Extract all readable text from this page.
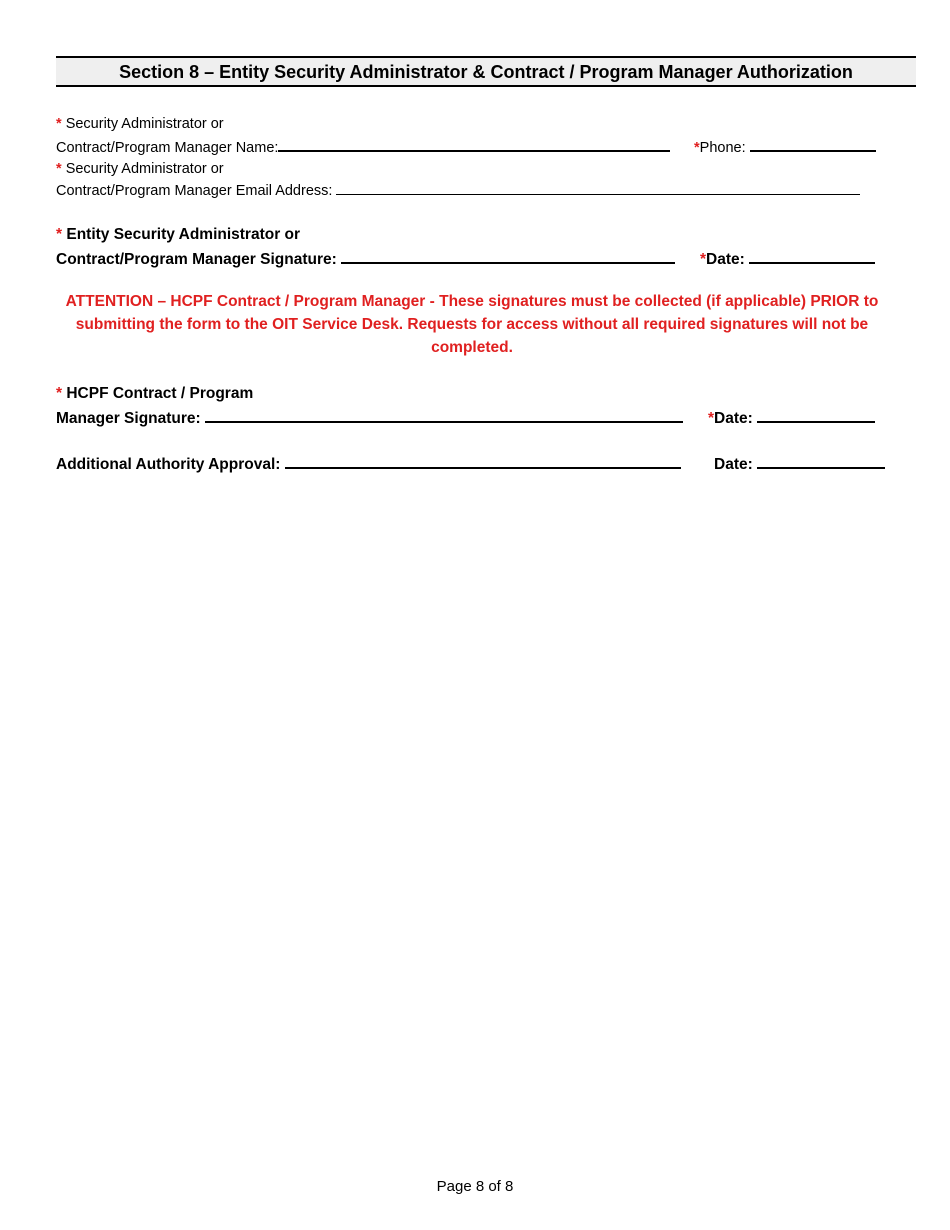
Section 8 – Entity Security Administrator & Contract / Program Manager Authorization
* Security Administrator or
Contract/Program Manager Name:	*Phone:
* Security Administrator or
Contract/Program Manager Email Address:
* Entity Security Administrator or
Contract/Program Manager Signature:	*Date:
ATTENTION – HCPF Contract / Program Manager - These signatures must be collected (if applicable) PRIOR to submitting the form to the OIT Service Desk. Requests for access without all required signatures will not be completed.
* HCPF Contract / Program
Manager Signature:	*Date:
Additional Authority Approval:	Date:
Page 8 of 8
